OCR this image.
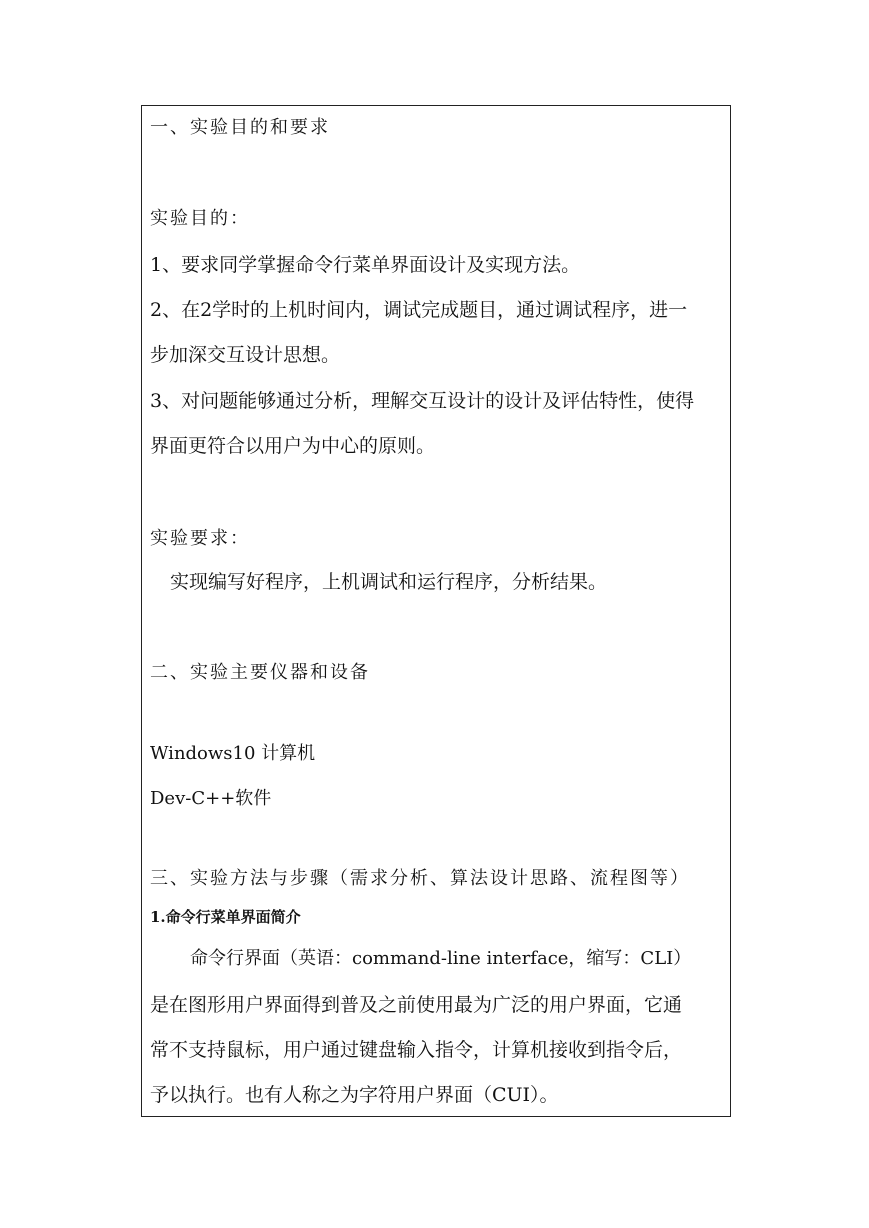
一、实验目的和要求
实验目的：
1、要求同学掌握命令行菜单界面设计及实现方法。
2、在2学时的上机时间内，调试完成题目，通过调试程序，进一
步加深交互设计思想。
3、对问题能够通过分析，理解交互设计的设计及评估特性，使得
界面更符合以用户为中心的原则。
实验要求：
实现编写好程序，上机调试和运行程序，分析结果。
二、实验主要仪器和设备
Windows10 计算机
Dev-C++软件
三、实验方法与步骤（需求分析、算法设计思路、流程图等）
1.命令行菜单界面简介
命令行界面（英语：command-line interface，缩写：CLI）
是在图形用户界面得到普及之前使用最为广泛的用户界面，它通
常不支持鼠标，用户通过键盘输入指令，计算机接收到指令后，
予以执行。也有人称之为字符用户界面（CUI）。
